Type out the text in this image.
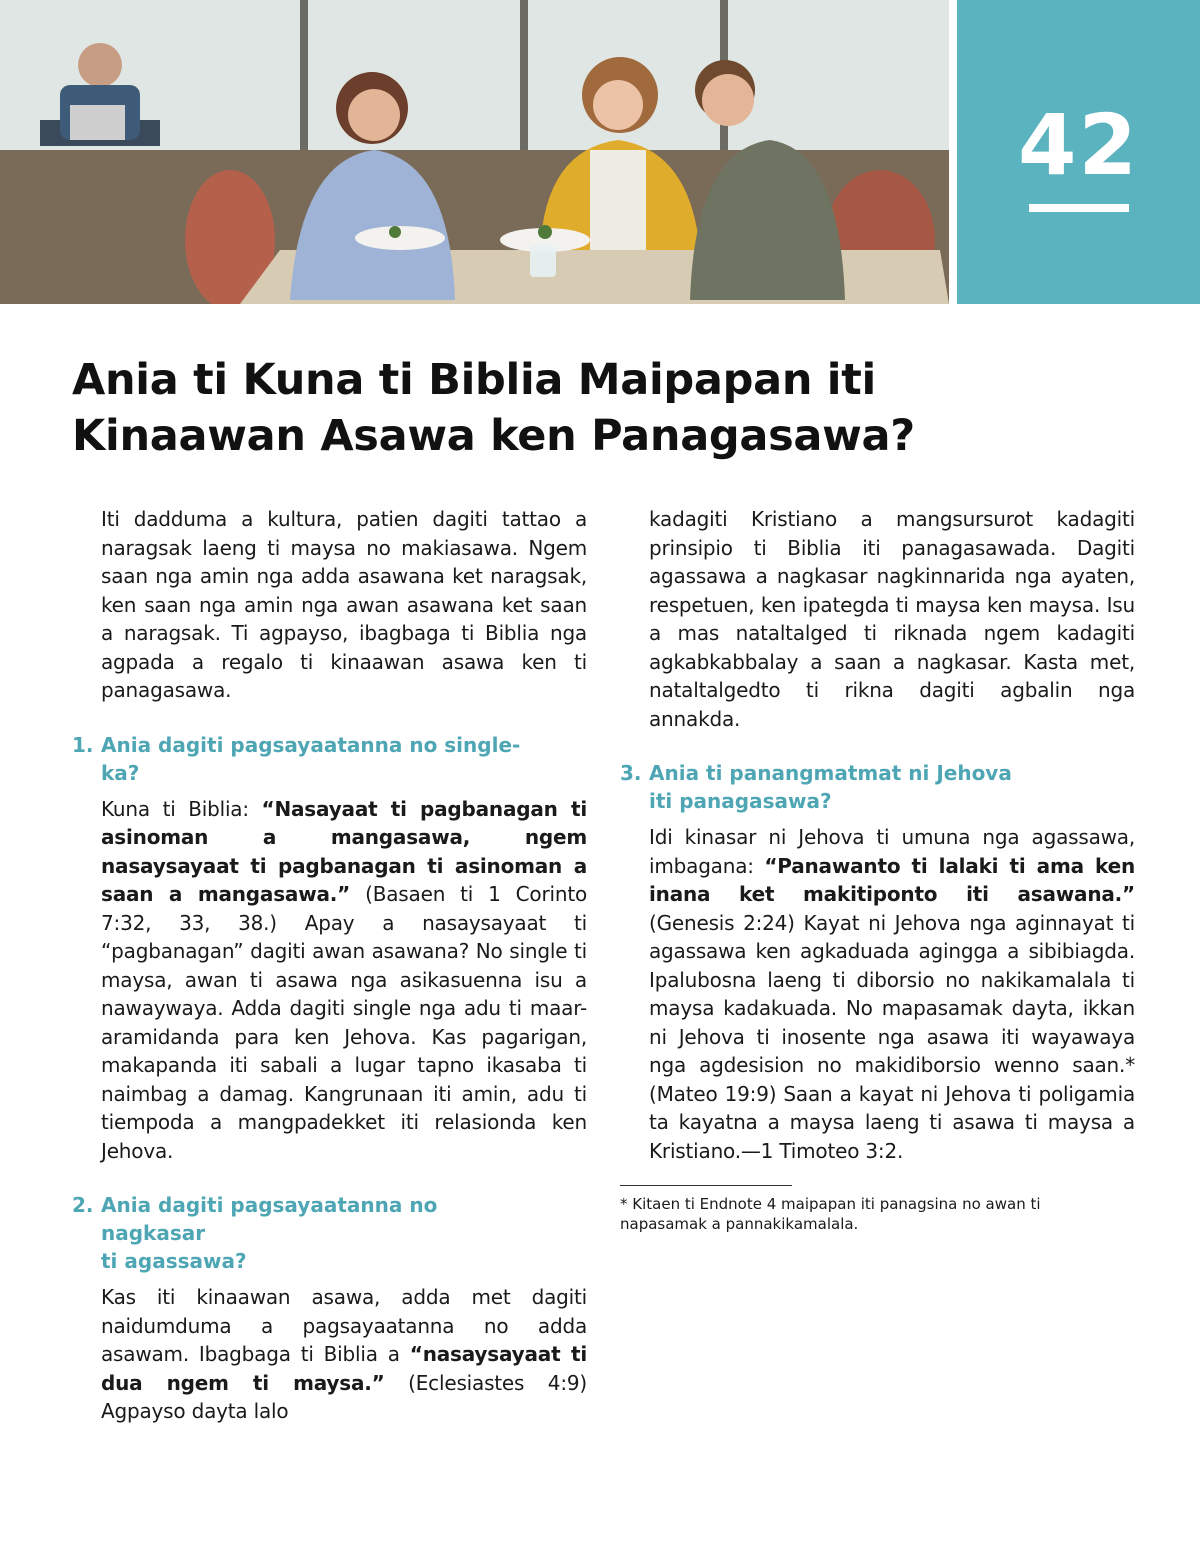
42
Ania ti Kuna ti Biblia Maipapan iti
Kinaawan Asawa ken Panagasawa?

Iti dadduma a kultura, patien dagiti tattao a naragsak laeng ti maysa no makiasawa. Ngem saan nga amin nga adda asawana ket naragsak, ken saan nga amin nga awan asawana ket saan a naragsak. Ti agpayso, ibagbaga ti Biblia nga agpada a regalo ti kinaawan asawa ken ti panagasawa.

1. Ania dagiti pagsayaatanna no single-ka?

Kuna ti Biblia: “Nasayaat ti pagbanagan ti asinoman a mangasawa, ngem nasaysayaat ti pagbanagan ti asinoman a saan a mangasawa.” (Basaen ti 1 Corinto 7:32, 33, 38.) Apay a nasaysayaat ti “pagbanagan” dagiti awan asawana? No single ti maysa, awan ti asawa nga asikasuenna isu a nawaywaya. Adda dagiti single nga adu ti maar-aramidanda para ken Jehova. Kas pagarigan, makapanda iti sabali a lugar tapno ikasaba ti naimbag a damag. Kangrunaan iti amin, adu ti tiempoda a mangpadekket iti relasionda ken Jehova.

2. Ania dagiti pagsayaatanna no nagkasar
ti agassawa?

Kas iti kinaawan asawa, adda met dagiti naidumduma a pagsayaatanna no adda asawam. Ibagbaga ti Biblia a “nasaysayaat ti dua ngem ti maysa.” (Eclesiastes 4:9) Agpayso dayta lalo

kadagiti Kristiano a mangsursurot kadagiti prinsipio ti Biblia iti panagasawada. Dagiti agassawa a nagkasar nagkinnarida nga ayaten, respetuen, ken ipategda ti maysa ken maysa. Isu a mas nataltalged ti riknada ngem kadagiti agkabkabbalay a saan a nagkasar. Kasta met, nataltalgedto ti rikna dagiti agbalin nga annakda.

3. Ania ti panangmatmat ni Jehova
iti panagasawa?

Idi kinasar ni Jehova ti umuna nga agassawa, imbagana: “Panawanto ti lalaki ti ama ken inana ket makitiponto iti asawana.” (Genesis 2:24) Kayat ni Jehova nga aginnayat ti agassawa ken agkaduada agingga a sibibiagda. Ipalubosna laeng ti diborsio no nakikamalala ti maysa kadakuada. No mapasamak dayta, ikkan ni Jehova ti inosente nga asawa iti wayawaya nga agdesision no makidiborsio wenno saan.* (Mateo 19:9) Saan a kayat ni Jehova ti poligamia ta kayatna a maysa laeng ti asawa ti maysa a Kristiano.—1 Timoteo 3:2.

* Kitaen ti Endnote 4 maipapan iti panagsina no awan ti napasamak a pannakikamalala.
